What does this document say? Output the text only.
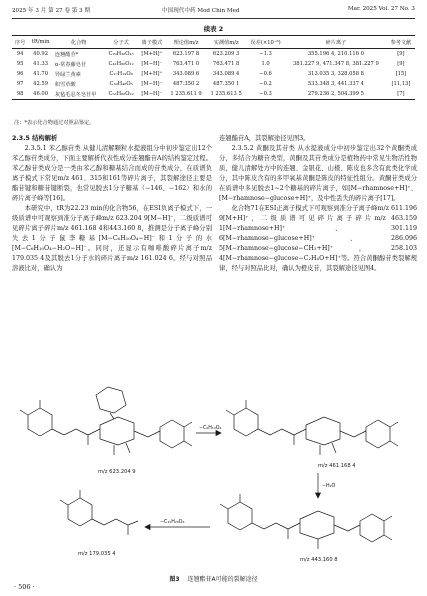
2025 年 3 月 第 27 卷 第 3 期	中国现代中药 Mod Chin Med	Mar. 2025 Vol. 27 No. 3
续表 2
序号	tR/min	化合物	分子式	离子模式	理论值m/z	实测值m/z	误差(×10⁻⁶)	碎片离子	参考文献
94	40.92	连翘酯苷*	C₂₉H₃₆O₁₅	[M+H]⁺	623.197 8	623.209 3	−1.3	355.196 4, 210.116 0	[9]
95	41.33	α-常春藤皂苷	C₄₁H₆₆O₁₂	[M−H]⁻	763.471 0	763.471 8	1.0	381.227 9, 471.347 8, 381.227 9	[9]
96	41.70	异绿兰黄素	C₁₇H₁₄O₈	[M+H]⁺	343.089 6	343.089 4	−0.6	313.035 3, 328.058 8	[15]
97	42.59	积雪草酸	C₃₀H₄₈O₅	[M−H]⁻	487.350 2	487.350 1	−0.2	533.348 3, 441.337 4	[11,13]
98	46.00	灰毡毛忍冬皂苷甲	C₅₃H₈₆O₂₂	[M−H]⁻	1 235.611 9	1 235.613 5	−0.3	279.236 2, 504.399 5	[7]
注：*表示化合物通过对照品鉴定。

2.3.5 结构解析

2.3.5.1 苯乙醇苷类 从健儿清解颗粒水提液组分中初步鉴定出12个苯乙醇苷类成分，下面主要解析代表性成分连翘酯苷A的结构鉴定过程。苯乙醇苷类成分是一类由苯乙醇和糖基结合而成的苷类成分，在质谱负离子模式下常见m/z 461、315和161等碎片离子，其裂解途径主要是酯苷键和糖苷键断裂，也常见脱去1分子糖基（−146、−162）和水的碎片离子峰等[16]。

本研究中，tR为22.23 min的化合物56，在ESI负离子模式下，一级质谱中可观察到准分子离子峰m/z 623.204 9[M−H]⁻，二级质谱可见碎片离子碎片m/z 461.168 4和443.160 8，推测是分子离子峰分别失去1分子鼠李糖基[M−C₆H₁₀O₄−H]⁻和1分子的水[M−C₆H₁₀O₄−H₂O−H]⁻。同时，还显示有咖啡酸碎片离子m/z 179.035 4及其脱去1分子水的碎片离子m/z 161.024 6。经与对照品溶液比对，确认为

连翘酯苷A，其裂解途径见图3。

2.3.5.2 黄酮及其苷类 从水提液成分中初步鉴定出32个黄酮类成分，多结合为糖苷类型，黄酮及其苷类成分是植物药中常见生物活性物质，健儿清解处方中的连翘、金银花、山楂、陈皮也多含有此类化学成分，其中陈皮含有的多甲氧基黄酮是陈皮的特征性组分。黄酮苷类成分在质谱中多见脱去1~2个糖基的碎片离子，如[M−rhamnose+H]⁺、[M−rhamnose−glucose+H]⁺，及中性丢失的碎片离子[17]。

化合物71在ESI正离子模式下可观察到准分子离子峰m/z 611.196 9[M+H]⁺，二级质谱可见碎片离子碎片m/z 463.159 1[M−rhamnose+H]⁺、301.119 6[M−rhamnose−glucose+H]⁺、286.096 5[M−rhamnose−glucose−CH₃+H]⁺，258.103 4[M−rhamnose−glucose−C₂H₄O+H]⁺等。符合黄酮醇苷类裂解规律，经与对照品比对，确认为橙皮苷，其裂解途径见图4。

m/z 623.204 9
m/z 461.168 4
m/z 443.160 8
m/z 179.035 4
−C₆H₁₀O₄
−H₂O
−C₁₅H₂₀O₆
图3 连翘酯苷A可能的裂解途径
· 506 ·
